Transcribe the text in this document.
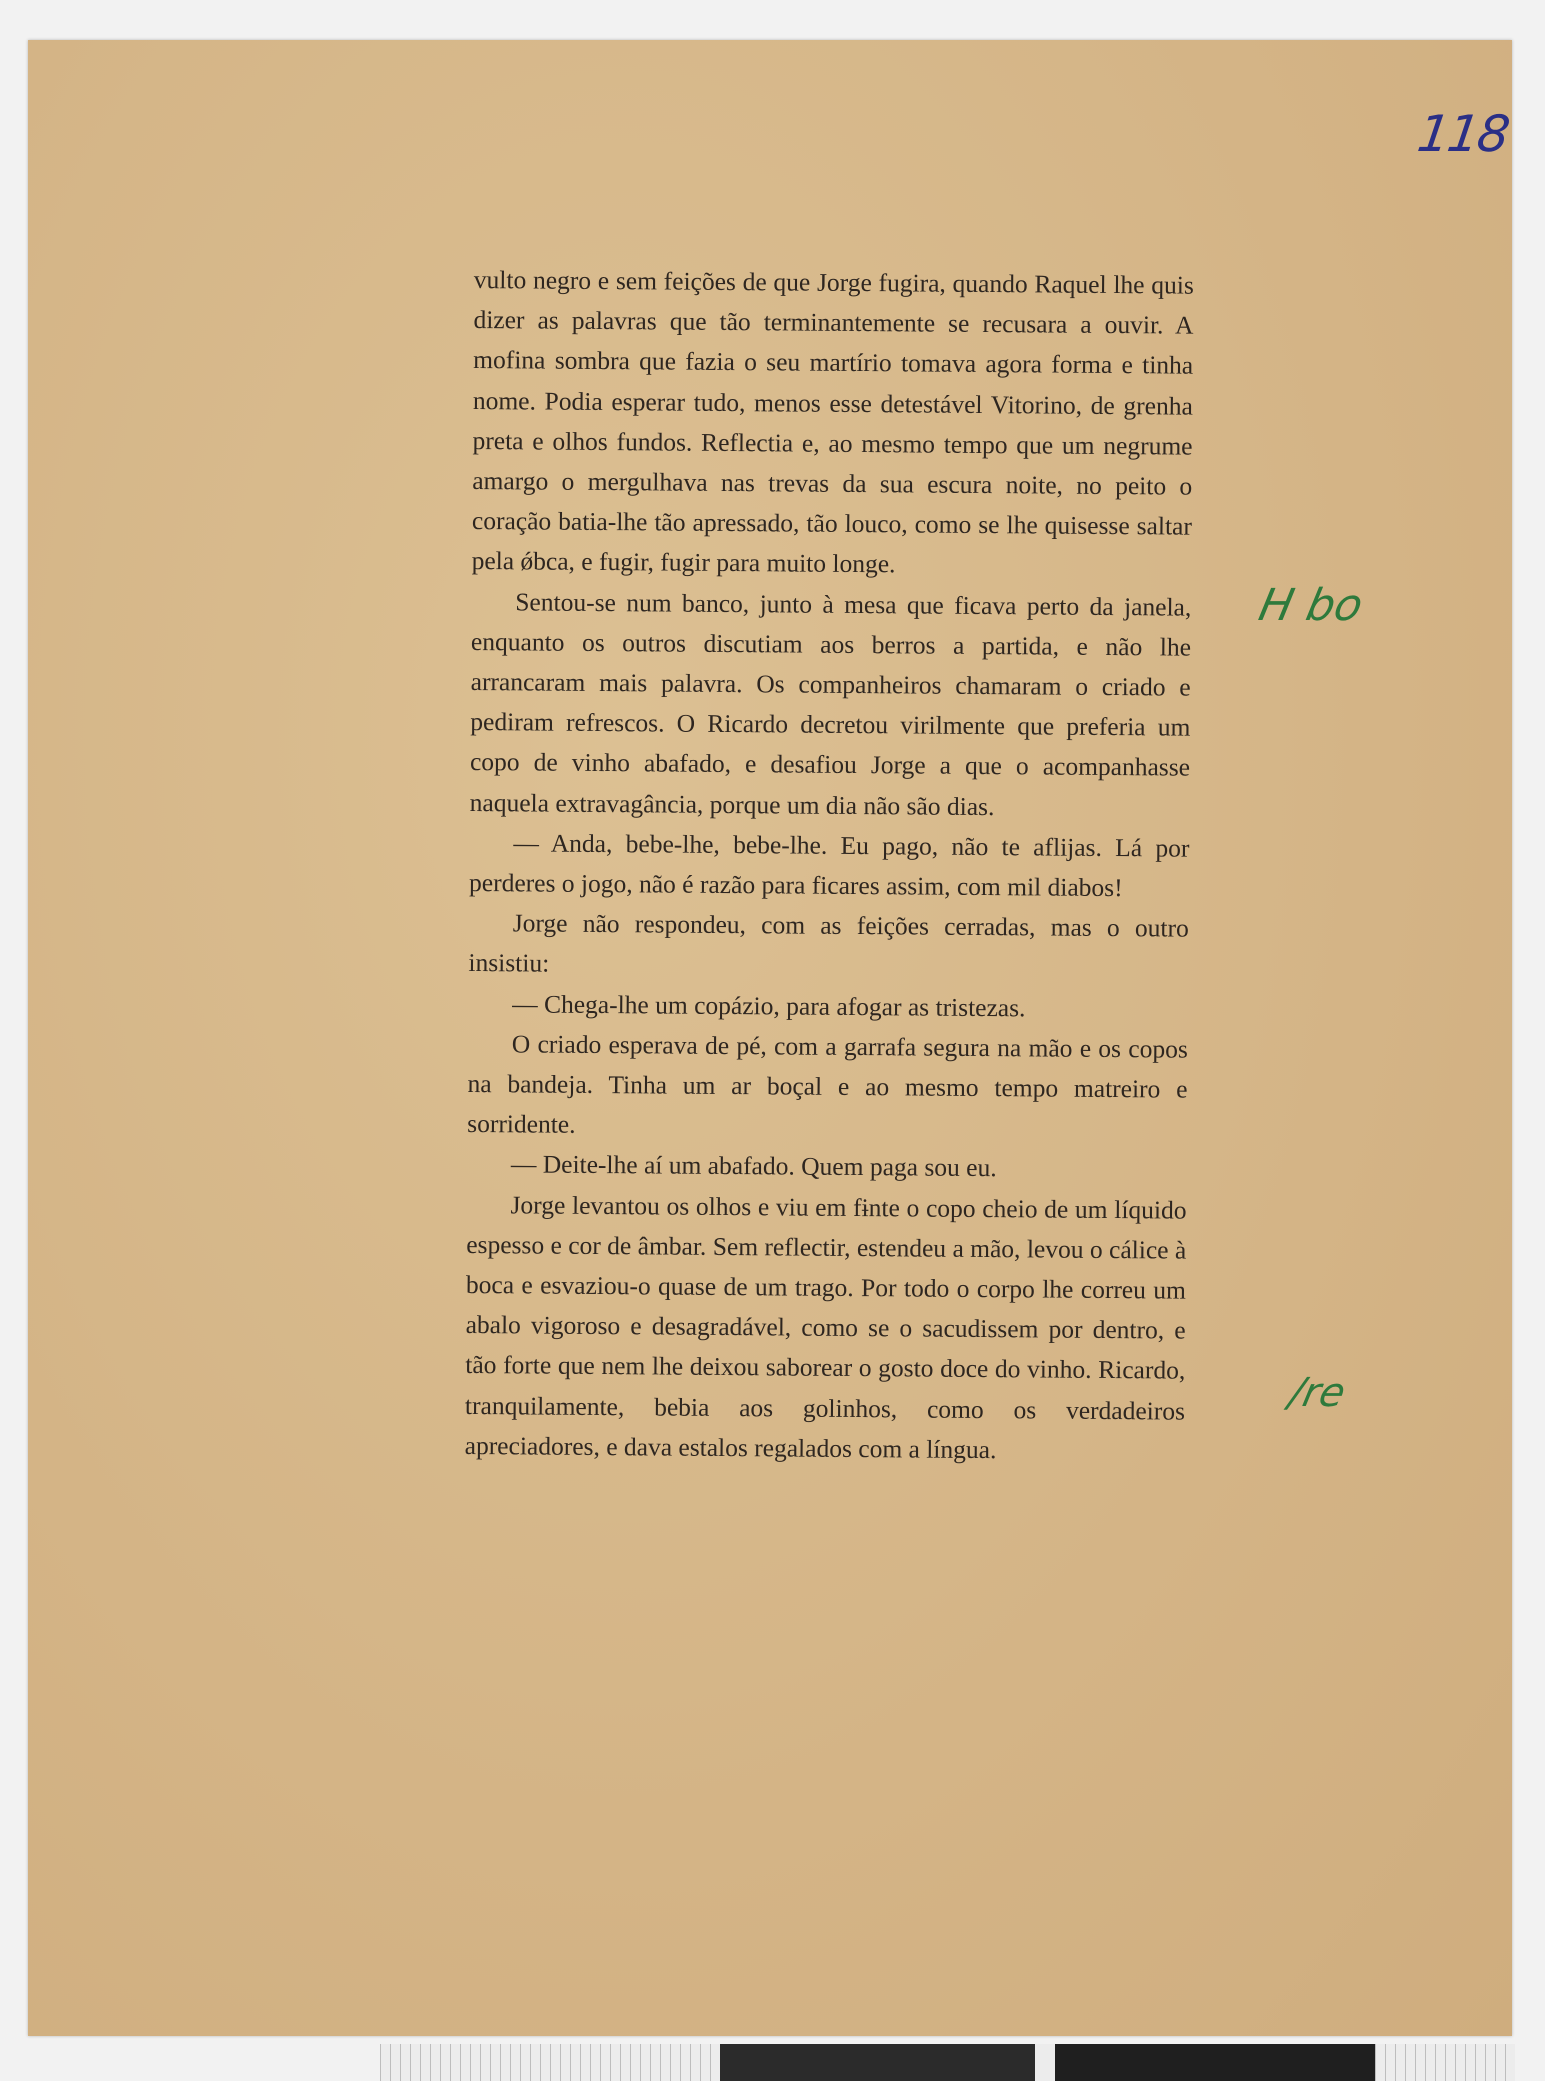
118

vulto negro e sem feições de que Jorge fugira, quando Raquel lhe quis dizer as palavras que tão terminantemente se recusara a ouvir. A mofina sombra que fazia o seu martírio tomava agora forma e tinha nome. Podia esperar tudo, menos esse detestável Vitorino, de grenha preta e olhos fundos. Reflectia e, ao mesmo tempo que um negrume amargo o mergulhava nas trevas da sua escura noite, no peito o coração batia-lhe tão apressado, tão louco, como se lhe quisesse saltar pela ǿbca, e fugir, fugir para muito longe.

Sentou-se num banco, junto à mesa que ficava perto da janela, enquanto os outros discutiam aos berros a partida, e não lhe arrancaram mais palavra. Os companheiros chamaram o criado e pediram refrescos. O Ricardo decretou virilmente que preferia um copo de vinho abafado, e desafiou Jorge a que o acompanhasse naquela extravagância, porque um dia não são dias.

— Anda, bebe-lhe, bebe-lhe. Eu pago, não te aflijas. Lá por perderes o jogo, não é razão para ficares assim, com mil diabos!

Jorge não respondeu, com as feições cerradas, mas o outro insistiu:

— Chega-lhe um copázio, para afogar as tristezas.

O criado esperava de pé, com a garrafa segura na mão e os copos na bandeja. Tinha um ar boçal e ao mesmo tempo matreiro e sorridente.

— Deite-lhe aí um abafado. Quem paga sou eu.

Jorge levantou os olhos e viu em fɨnte o copo cheio de um líquido espesso e cor de âmbar. Sem reflectir, estendeu a mão, levou o cálice à boca e esvaziou-o quase de um trago. Por todo o corpo lhe correu um abalo vigoroso e desagradável, como se o sacudissem por dentro, e tão forte que nem lhe deixou saborear o gosto doce do vinho. Ricardo, tranquilamente, bebia aos golinhos, como os verdadeiros apreciadores, e dava estalos regalados com a língua.

H bo
/re
